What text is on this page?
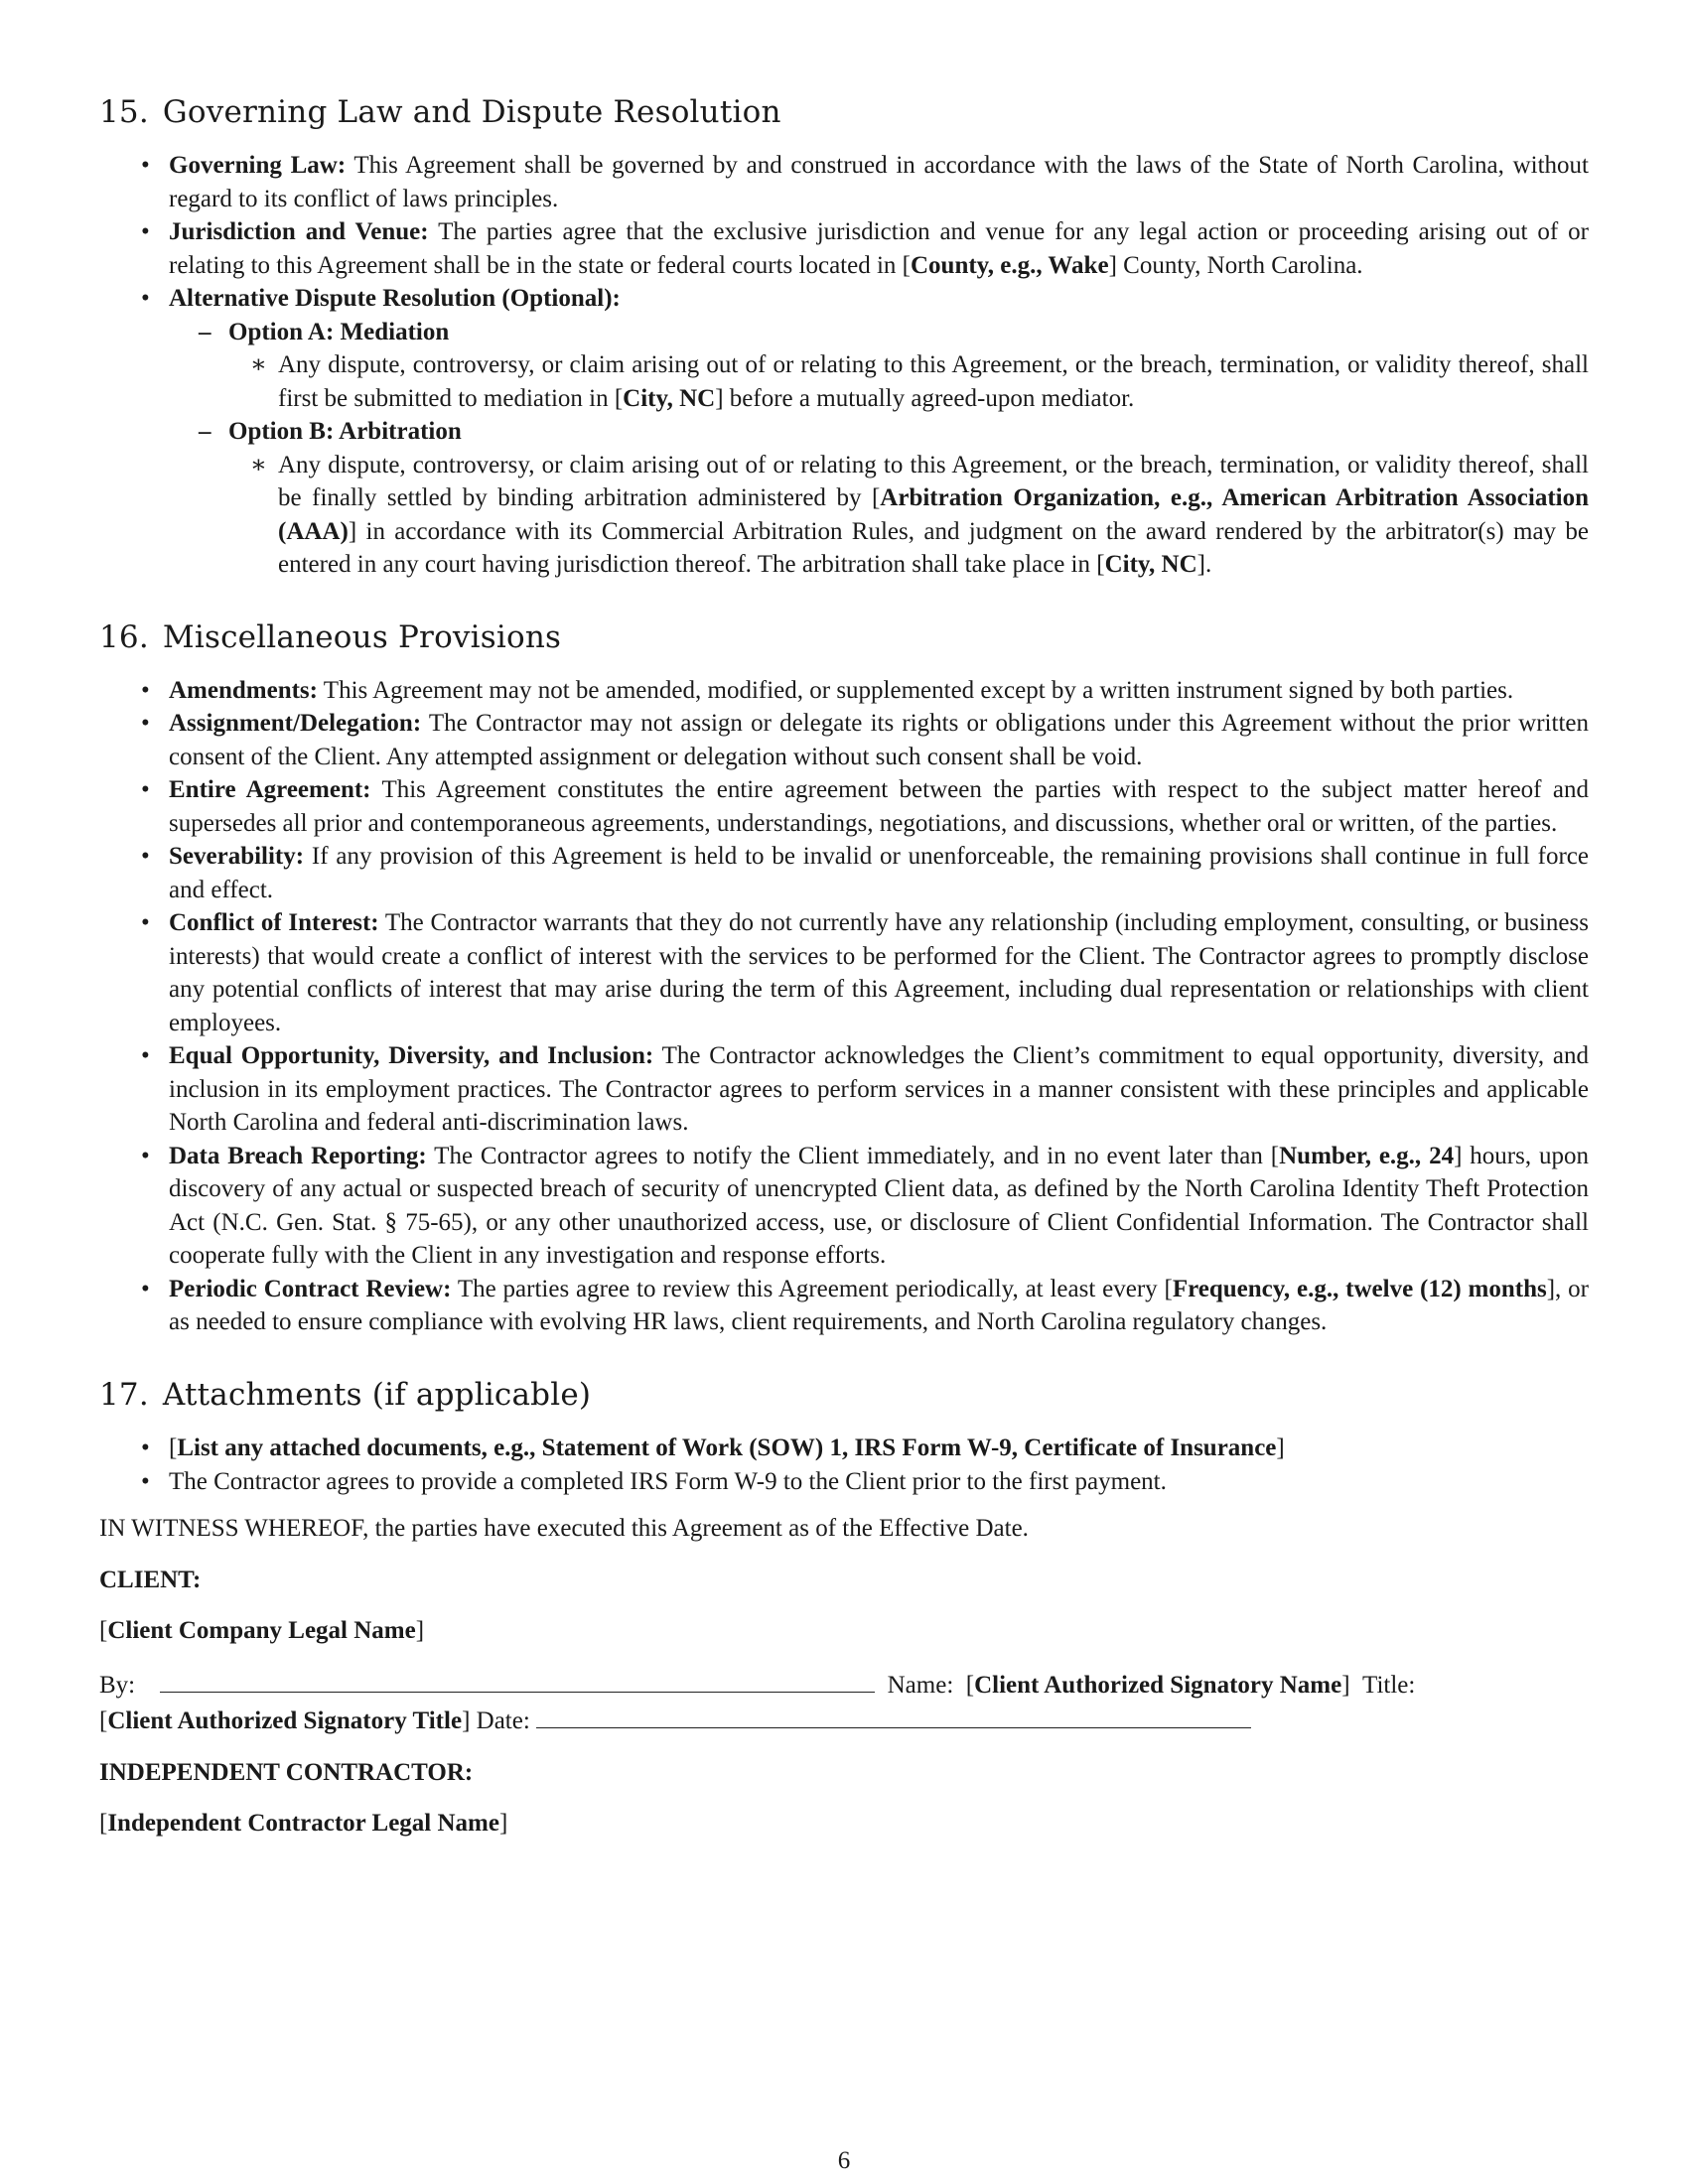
15. Governing Law and Dispute Resolution
• Governing Law: This Agreement shall be governed by and construed in accordance with the laws of the State of North Carolina, without regard to its conflict of laws principles.
• Jurisdiction and Venue: The parties agree that the exclusive jurisdiction and venue for any legal action or proceeding arising out of or relating to this Agreement shall be in the state or federal courts located in [County, e.g., Wake] County, North Carolina.
• Alternative Dispute Resolution (Optional):
– Option A: Mediation
∗ Any dispute, controversy, or claim arising out of or relating to this Agreement, or the breach, termination, or validity thereof, shall first be submitted to mediation in [City, NC] before a mutually agreed-upon mediator.
– Option B: Arbitration
∗ Any dispute, controversy, or claim arising out of or relating to this Agreement, or the breach, termination, or validity thereof, shall be finally settled by binding arbitration administered by [Arbitration Organization, e.g., American Arbitration Association (AAA)] in accordance with its Commercial Arbitration Rules, and judgment on the award rendered by the arbitrator(s) may be entered in any court having jurisdiction thereof. The arbitration shall take place in [City, NC].
16. Miscellaneous Provisions
• Amendments: This Agreement may not be amended, modified, or supplemented except by a written instrument signed by both parties.
• Assignment/Delegation: The Contractor may not assign or delegate its rights or obligations under this Agreement without the prior written consent of the Client. Any attempted assignment or delegation without such consent shall be void.
• Entire Agreement: This Agreement constitutes the entire agreement between the parties with respect to the subject matter hereof and supersedes all prior and contemporaneous agreements, understandings, negotiations, and discussions, whether oral or written, of the parties.
• Severability: If any provision of this Agreement is held to be invalid or unenforceable, the remaining provisions shall continue in full force and effect.
• Conflict of Interest: The Contractor warrants that they do not currently have any relationship (including employment, consulting, or business interests) that would create a conflict of interest with the services to be performed for the Client. The Contractor agrees to promptly disclose any potential conflicts of interest that may arise during the term of this Agreement, including dual representation or relationships with client employees.
• Equal Opportunity, Diversity, and Inclusion: The Contractor acknowledges the Client’s commitment to equal opportunity, diversity, and inclusion in its employment practices. The Contractor agrees to perform services in a manner consistent with these principles and applicable North Carolina and federal anti-discrimination laws.
• Data Breach Reporting: The Contractor agrees to notify the Client immediately, and in no event later than [Number, e.g., 24] hours, upon discovery of any actual or suspected breach of security of unencrypted Client data, as defined by the North Carolina Identity Theft Protection Act (N.C. Gen. Stat. § 75-65), or any other unauthorized access, use, or disclosure of Client Confidential Information. The Contractor shall cooperate fully with the Client in any investigation and response efforts.
• Periodic Contract Review: The parties agree to review this Agreement periodically, at least every [Frequency, e.g., twelve (12) months], or as needed to ensure compliance with evolving HR laws, client requirements, and North Carolina regulatory changes.
17. Attachments (if applicable)
• [List any attached documents, e.g., Statement of Work (SOW) 1, IRS Form W-9, Certificate of Insurance]
• The Contractor agrees to provide a completed IRS Form W-9 to the Client prior to the first payment.
IN WITNESS WHEREOF, the parties have executed this Agreement as of the Effective Date.
CLIENT:
[Client Company Legal Name]
By:	Name:  [Client Authorized Signatory Name]  Title:
[Client Authorized Signatory Title] Date:
INDEPENDENT CONTRACTOR:
[Independent Contractor Legal Name]
6
